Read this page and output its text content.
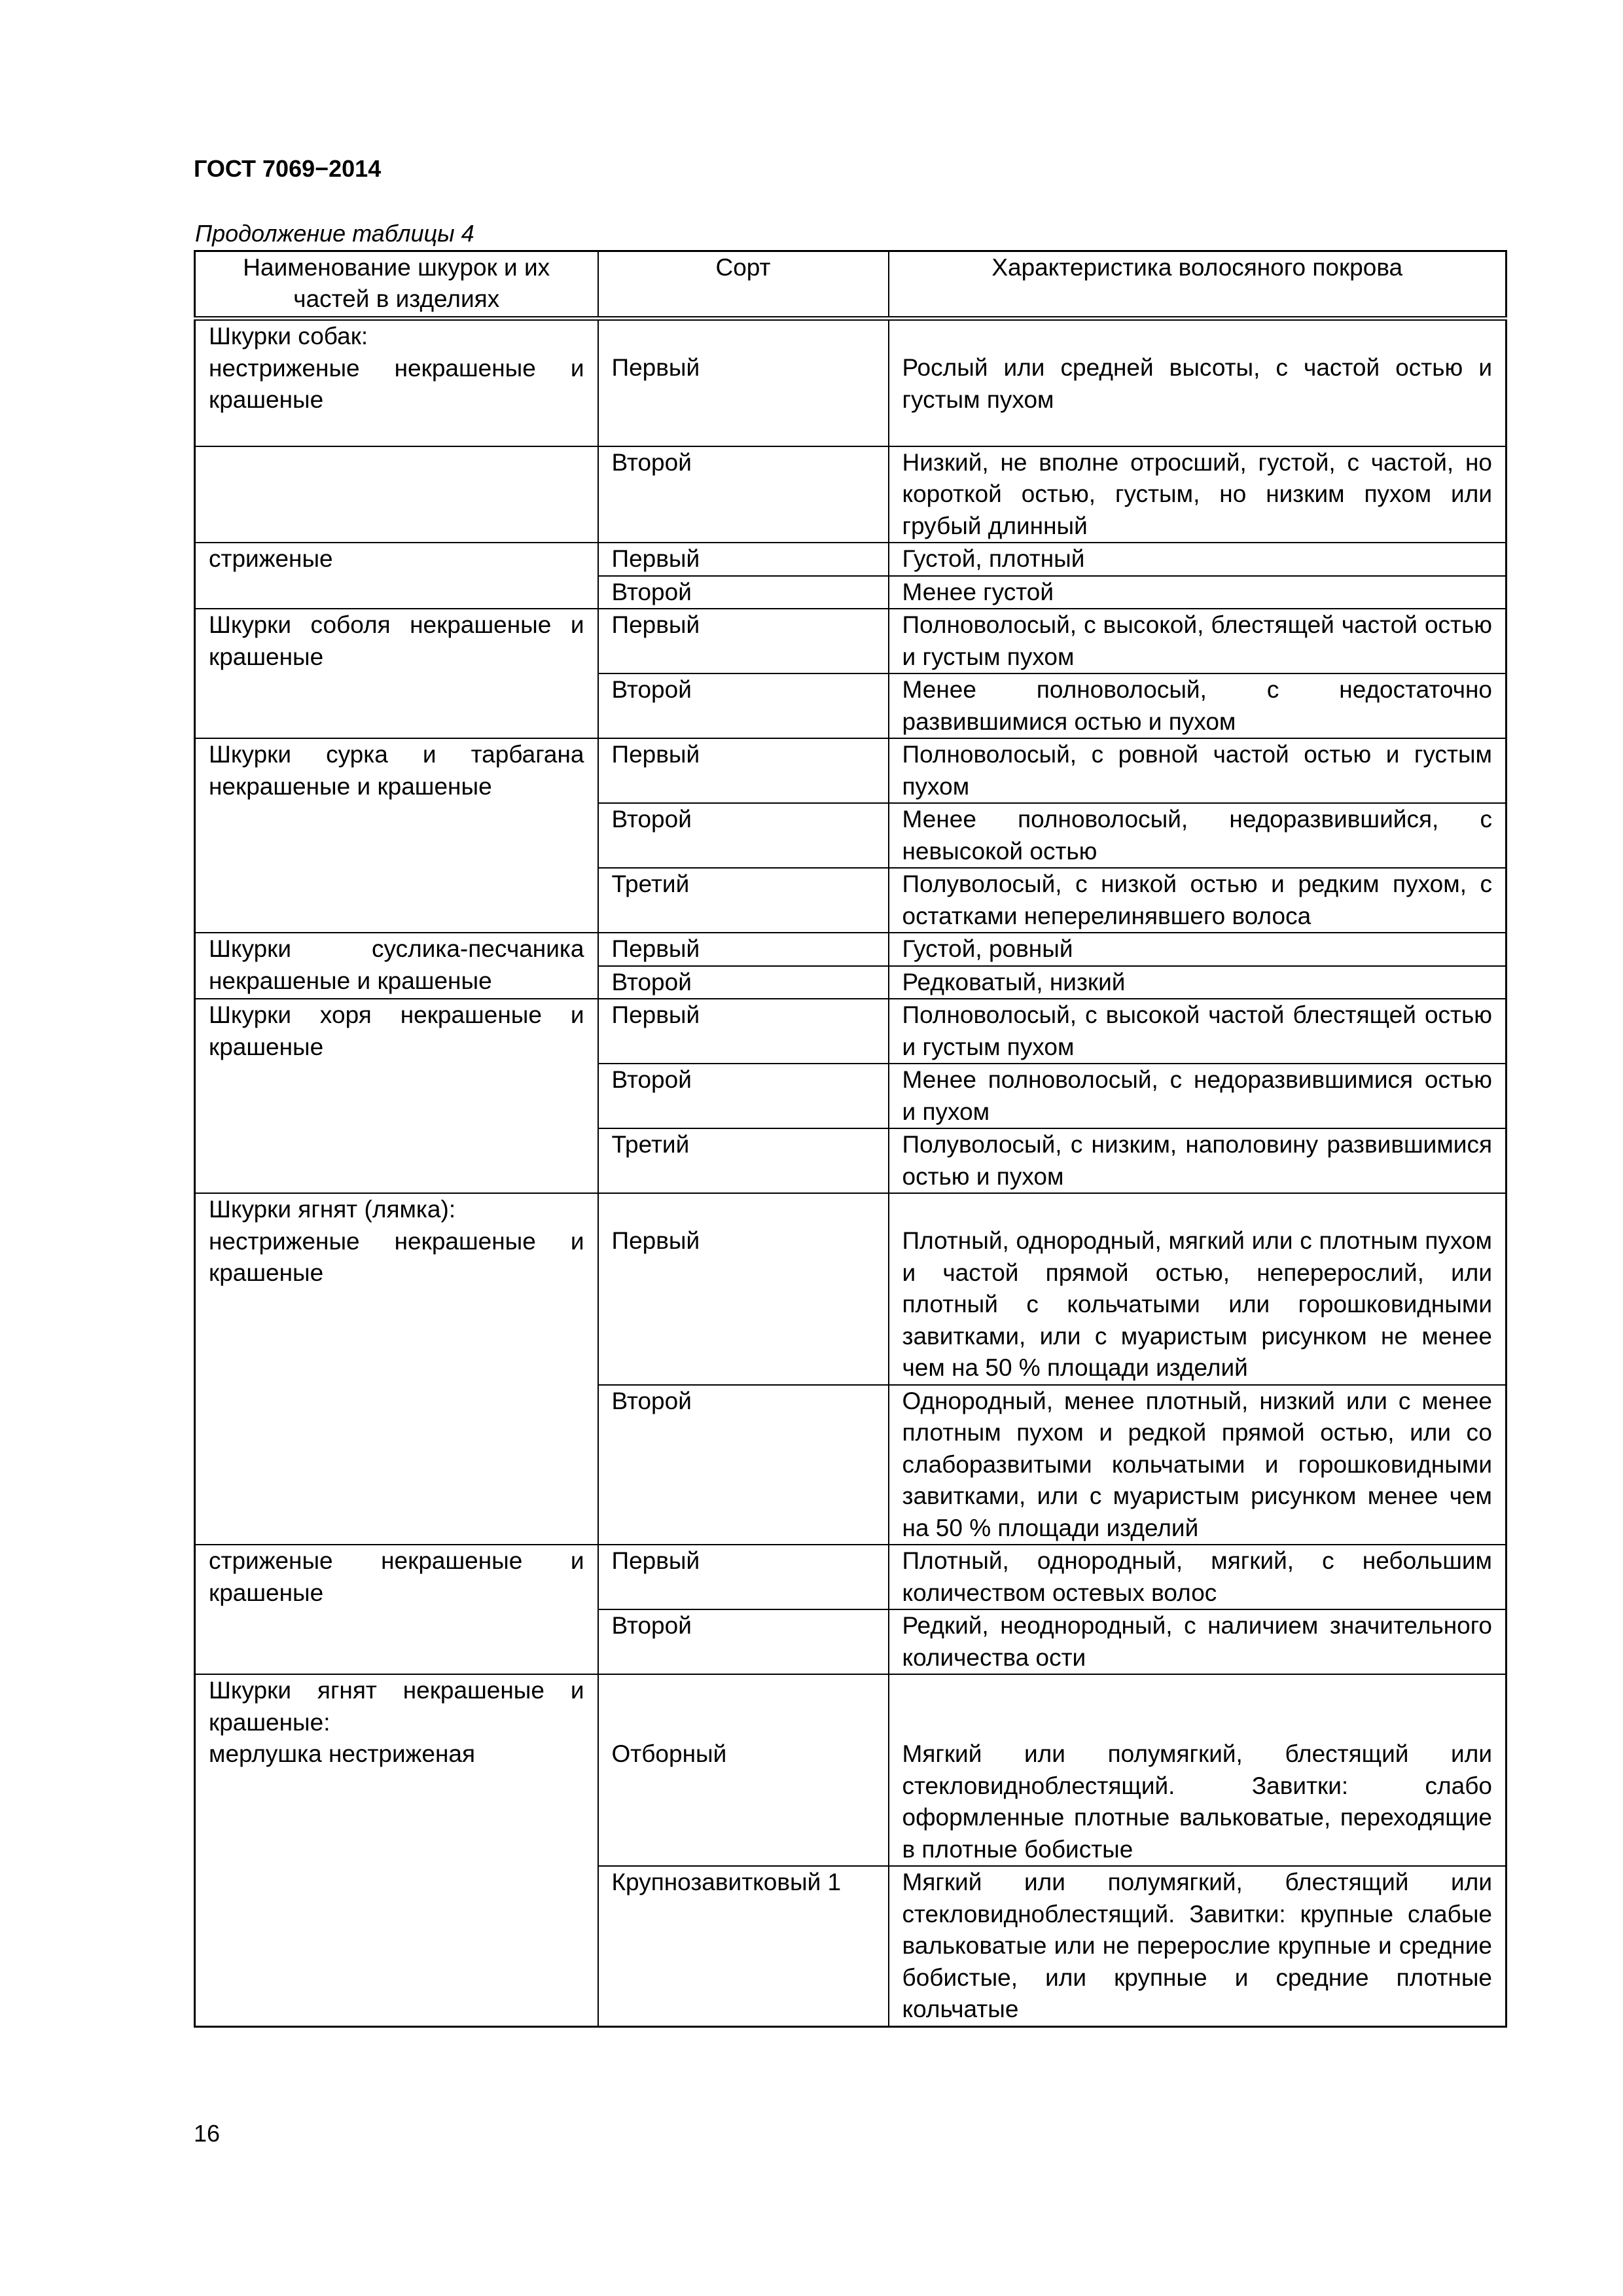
ГОСТ 7069−2014
Продолжение таблицы 4
Наименование шкурок и их частей в изделиях	Сорт	Характеристика волосяного покрова

Шкурки собак:
нестриженые некрашеные и крашеные	Первый	Рослый или средней высоты, с частой остью и густым пухом

	Второй	Низкий, не вполне отросший, густой, с частой, но короткой остью, густым, но низким пухом или грубый длинный
стриженые	Первый	Густой, плотный
	Второй	Менее густой
Шкурки соболя некрашеные и крашеные	Первый	Полноволосый, с высокой, блестящей частой остью и густым пухом
	Второй	Менее полноволосый, с недостаточно развившимися остью и пухом
Шкурки сурка и тарбагана некрашеные и крашеные	Первый	Полноволосый, с ровной частой остью и густым пухом
	Второй	Менее полноволосый, недоразвившийся, с невысокой остью
	Третий	Полуволосый, с низкой остью и редким пухом, с остатками неперелинявшего волоса
Шкурки суслика-песчаника некрашеные и крашеные	Первый	Густой, ровный
	Второй	Редковатый, низкий
Шкурки хоря некрашеные и крашеные	Первый	Полноволосый, с высокой частой блестящей остью и густым пухом
	Второй	Менее полноволосый, с недоразвившимися остью и пухом
	Третий	Полуволосый, с низким, наполовину развившимися остью и пухом

Шкурки ягнят (лямка):
нестриженые некрашеные и крашеные	Первый	Плотный, однородный, мягкий или с плотным пухом и частой прямой остью, неперерослий, или плотный с кольчатыми или горошковидными завитками, или с муаристым рисунком не менее чем на 50 % площади изделий

	Второй	Однородный, менее плотный, низкий или с менее плотным пухом и редкой прямой остью, или со слаборазвитыми кольчатыми и горошковидными завитками, или с муаристым рисунком менее чем на 50 % площади изделий
стриженые некрашеные и крашеные	Первый	Плотный, однородный, мягкий, с небольшим количеством остевых волос
	Второй	Редкий, неоднородный, с наличием значительного количества ости

Шкурки ягнят некрашеные и крашеные:
мерлушка нестриженая	Отборный	Мягкий или полумягкий, блестящий или стекловидноблестящий. Завитки: слабо оформленные плотные вальковатые, переходящие в плотные бобистые

	Крупнозавитковый 1	Мягкий или полумягкий, блестящий или стекловидноблестящий. Завитки: крупные слабые вальковатые или не перерослие крупные и средние бобистые, или крупные и средние плотные кольчатые
16
